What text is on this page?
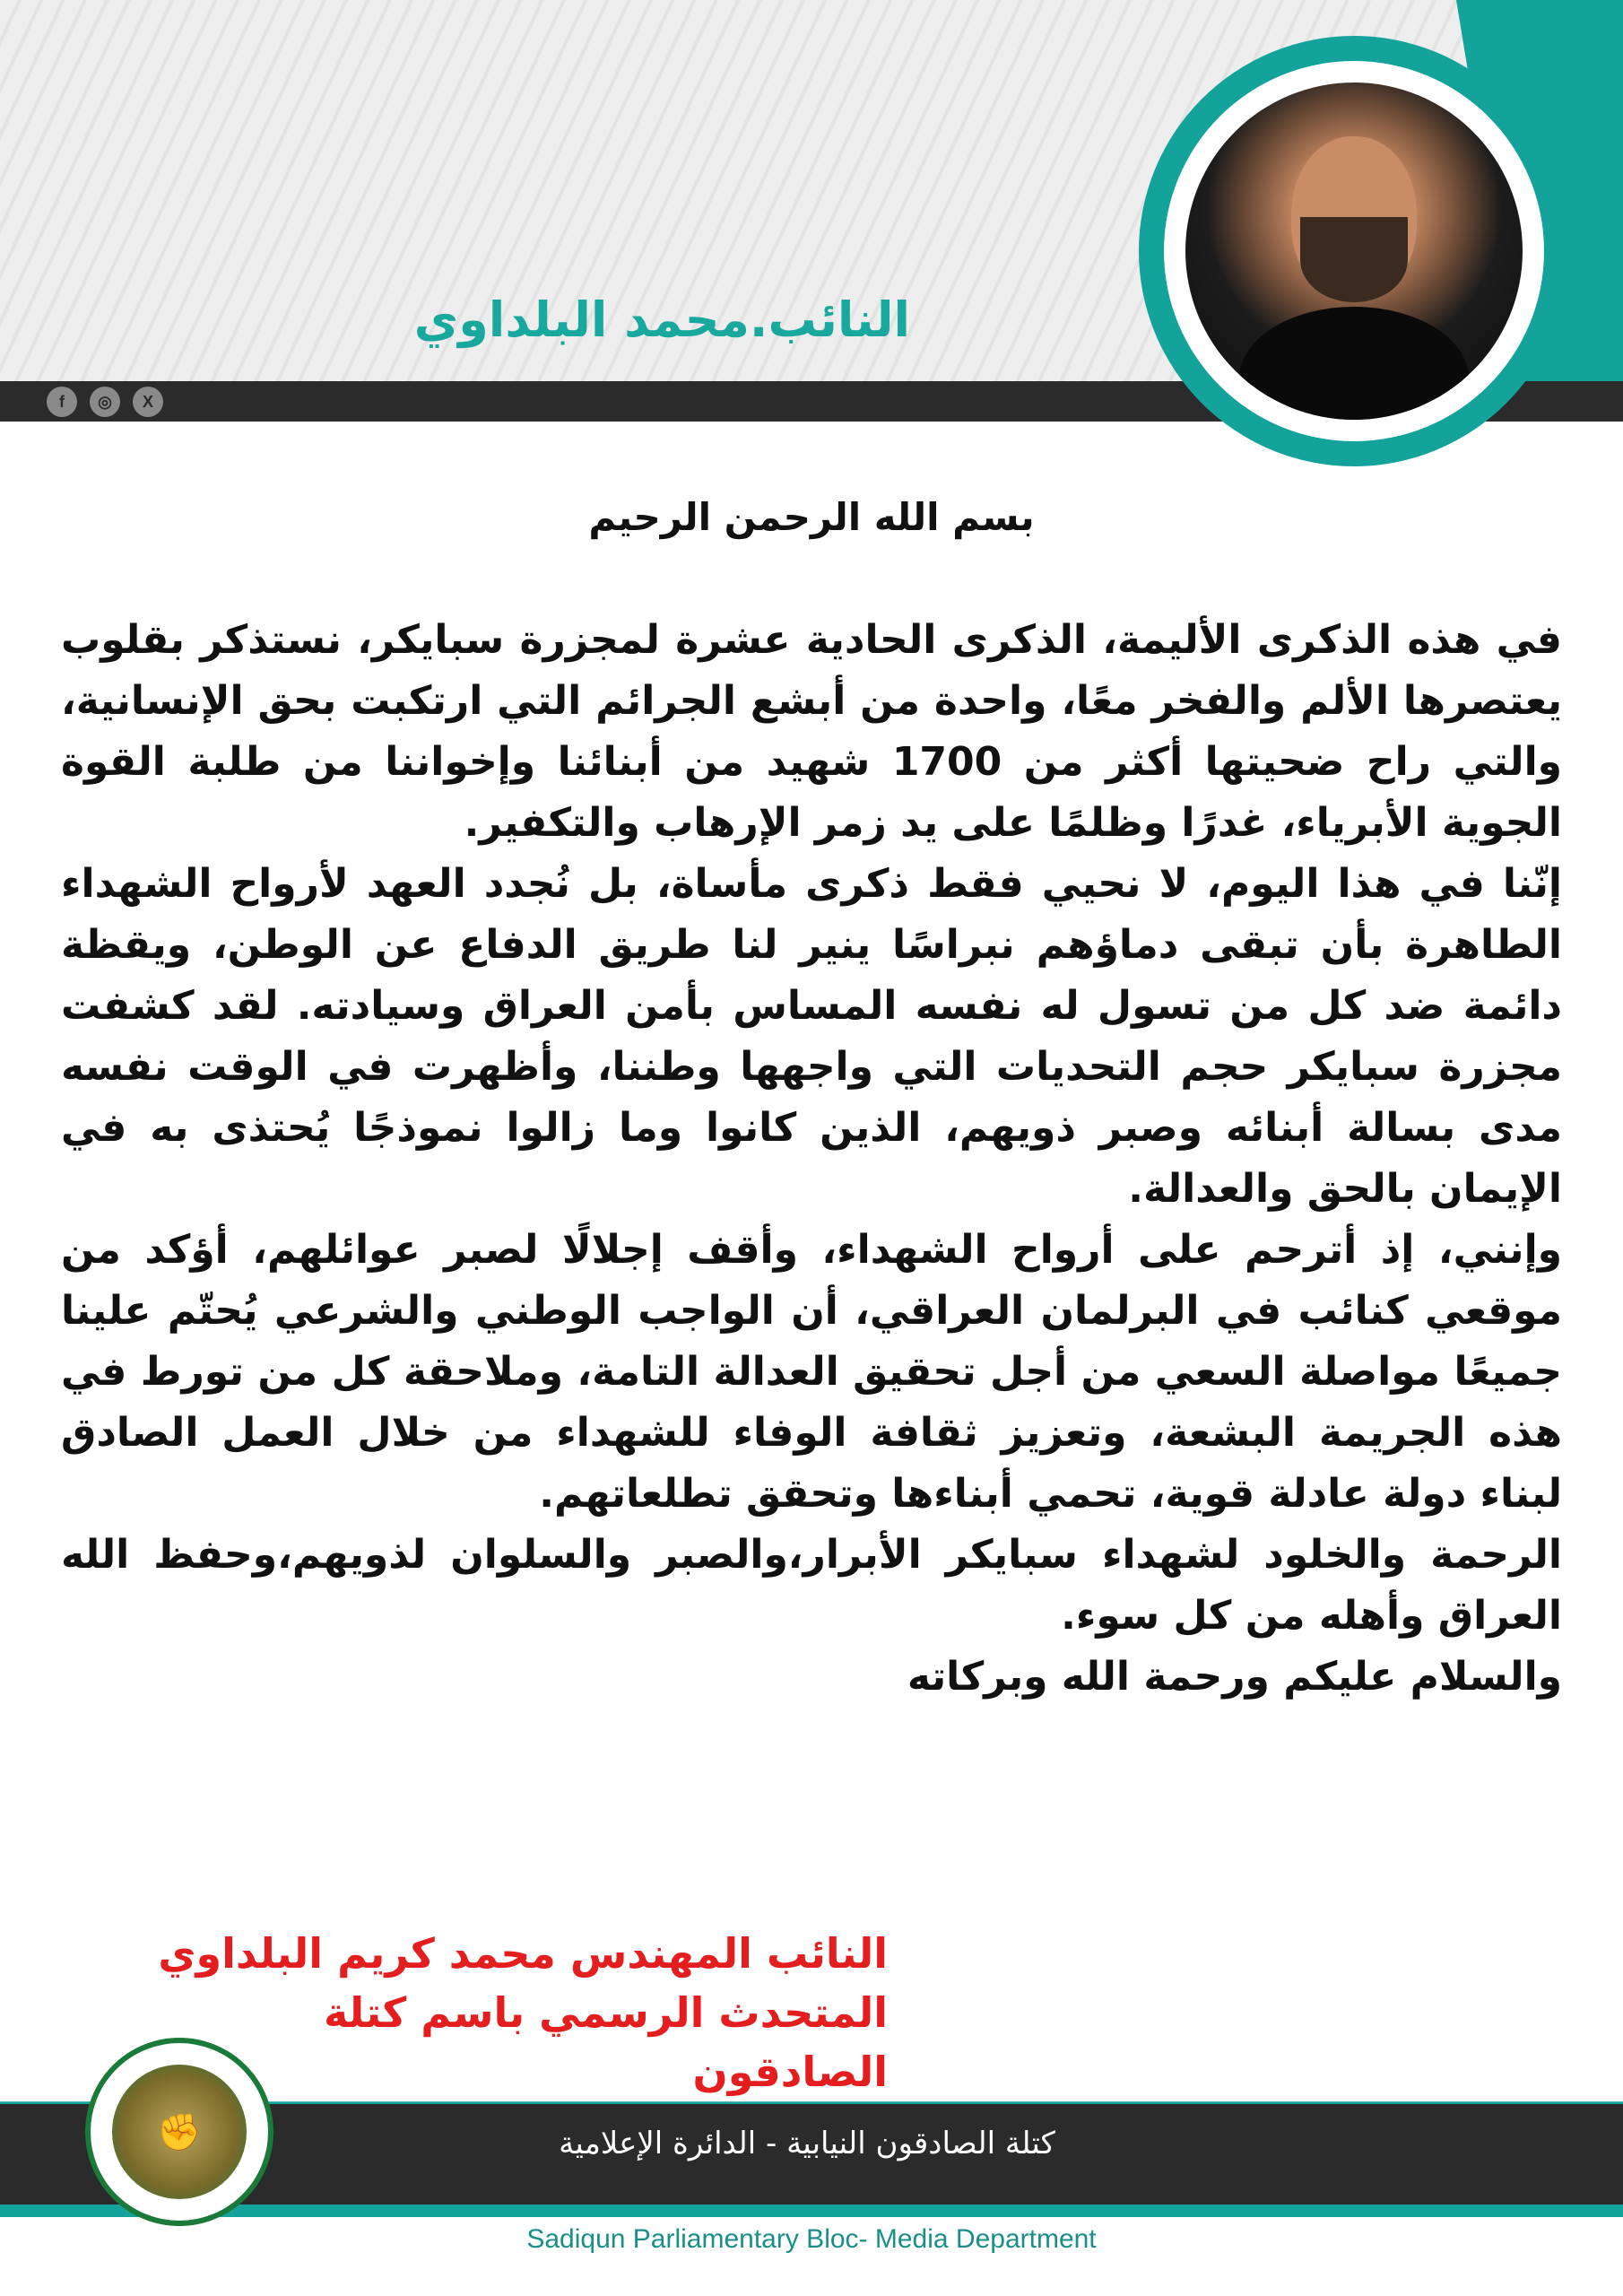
f	◎	X
النائب.محمد البلداوي
بسم الله الرحمن الرحيم

في هذه الذكرى الأليمة، الذكرى الحادية عشرة لمجزرة سبايكر، نستذكر بقلوب يعتصرها الألم والفخر معًا، واحدة من أبشع الجرائم التي ارتكبت بحق الإنسانية، والتي راح ضحيتها أكثر من 1700 شهيد من أبنائنا وإخواننا من طلبة القوة الجوية الأبرياء، غدرًا وظلمًا على يد زمر الإرهاب والتكفير.

إنّنا في هذا اليوم، لا نحيي فقط ذكرى مأساة، بل نُجدد العهد لأرواح الشهداء الطاهرة بأن تبقى دماؤهم نبراسًا ينير لنا طريق الدفاع عن الوطن، ويقظة دائمة ضد كل من تسول له نفسه المساس بأمن العراق وسيادته. لقد كشفت مجزرة سبايكر حجم التحديات التي واجهها وطننا، وأظهرت في الوقت نفسه مدى بسالة أبنائه وصبر ذويهم، الذين كانوا وما زالوا نموذجًا يُحتذى به في الإيمان بالحق والعدالة.

وإنني، إذ أترحم على أرواح الشهداء، وأقف إجلالًا لصبر عوائلهم، أؤكد من موقعي كنائب في البرلمان العراقي، أن الواجب الوطني والشرعي يُحتّم علينا جميعًا مواصلة السعي من أجل تحقيق العدالة التامة، وملاحقة كل من تورط في هذه الجريمة البشعة، وتعزيز ثقافة الوفاء للشهداء من خلال العمل الصادق لبناء دولة عادلة قوية، تحمي أبناءها وتحقق تطلعاتهم.

الرحمة والخلود لشهداء سبايكر الأبرار،والصبر والسلوان لذويهم،وحفظ الله العراق وأهله من كل سوء.

والسلام عليكم ورحمة الله وبركاته

النائب المهندس محمد كريم البلداوي
المتحدث الرسمي باسم كتلة الصادقون
✊	كتلة الصادقون النيابية - الدائرة الإعلامية
Sadiqun Parliamentary Bloc- Media Department
